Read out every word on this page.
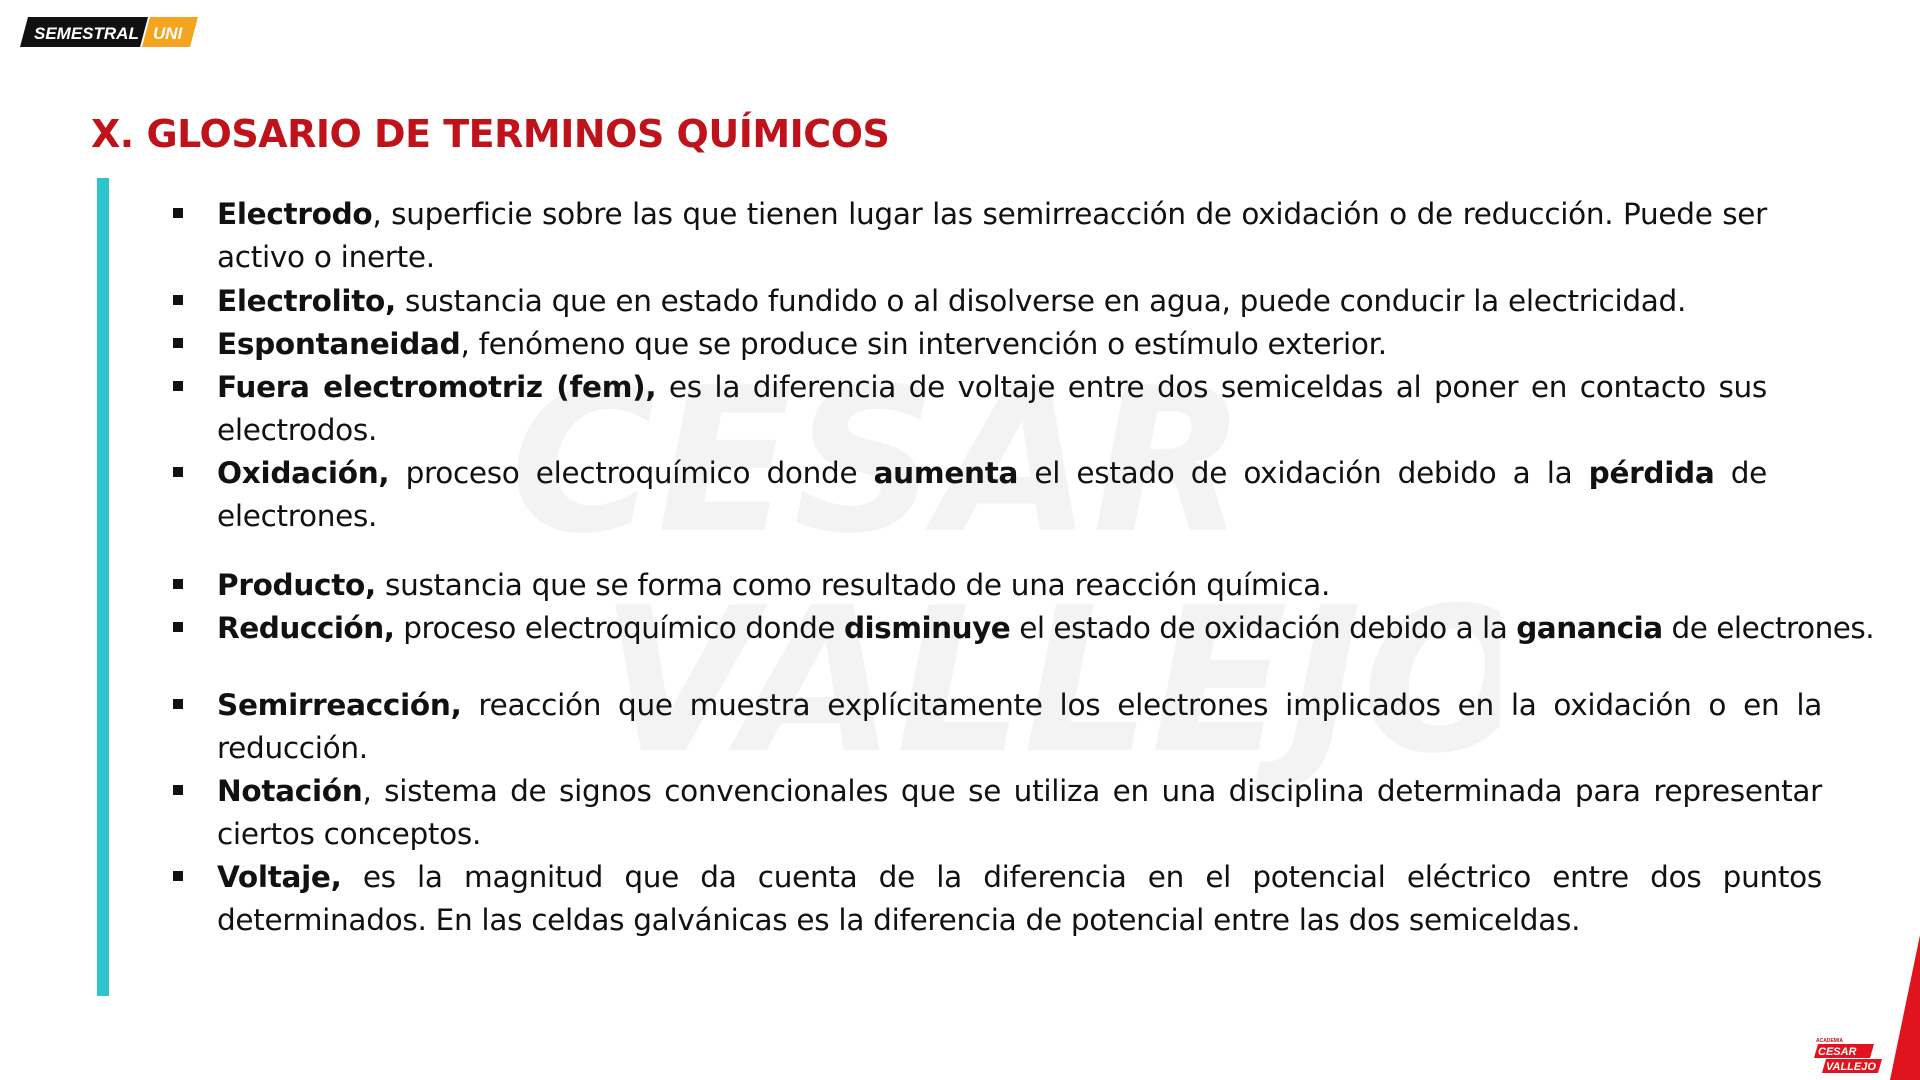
SEMESTRAL UNI
X. GLOSARIO DE TERMINOS QUÍMICOS
Electrodo, superficie sobre las que tienen lugar las semirreacción de oxidación o de reducción. Puede ser activo o inerte.
Electrolito, sustancia que en estado fundido o al disolverse en agua, puede conducir la electricidad.
Espontaneidad, fenómeno que se produce sin intervención o estímulo exterior.
Fuera electromotriz (fem), es la diferencia de voltaje entre dos semiceldas al poner en contacto sus electrodos.
Oxidación, proceso electroquímico donde aumenta el estado de oxidación debido a la pérdida de electrones.
Producto, sustancia que se forma como resultado de una reacción química.
Reducción, proceso electroquímico donde disminuye el estado de oxidación debido a la ganancia de electrones.
Semirreacción, reacción que muestra explícitamente los electrones implicados en la oxidación o en la reducción.
Notación, sistema de signos convencionales que se utiliza en una disciplina determinada para representar ciertos conceptos.
Voltaje, es la magnitud que da cuenta de la diferencia en el potencial eléctrico entre dos puntos determinados. En las celdas galvánicas es la diferencia de potencial entre las dos semiceldas.
ACADEMIA
CESAR
VALLEJO
